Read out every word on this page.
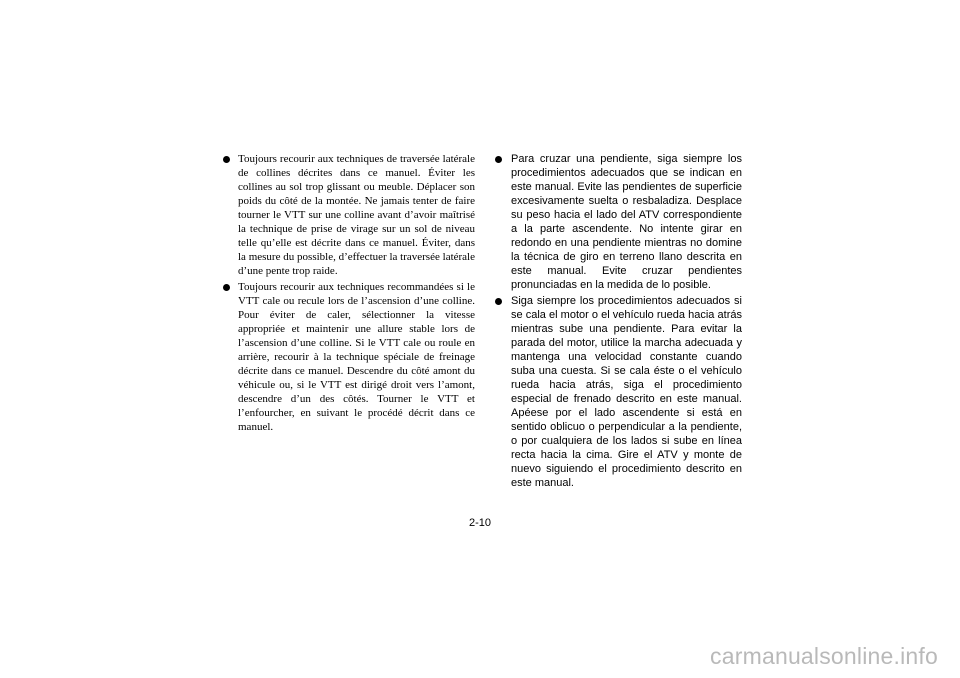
Toujours recourir aux techniques de traversée latérale de collines décrites dans ce manuel. Éviter les collines au sol trop glissant ou meuble. Déplacer son poids du côté de la montée. Ne jamais tenter de faire tourner le VTT sur une colline avant d’avoir maîtrisé la technique de prise de virage sur un sol de niveau telle qu’elle est décrite dans ce manuel. Éviter, dans la mesure du possible, d’effectuer la traversée latérale d’une pente trop raide.
Toujours recourir aux techniques recommandées si le VTT cale ou recule lors de l’ascension d’une colline. Pour éviter de caler, sélectionner la vitesse appropriée et maintenir une allure stable lors de l’ascension d’une colline. Si le VTT cale ou roule en arrière, recourir à la technique spéciale de freinage décrite dans ce manuel. Descendre du côté amont du véhicule ou, si le VTT est dirigé droit vers l’amont, descendre d’un des côtés. Tourner le VTT et l’enfourcher, en suivant le procédé décrit dans ce manuel.
Para cruzar una pendiente, siga siempre los procedimientos adecuados que se indican en este manual. Evite las pendientes de superficie excesivamente suelta o resbaladiza. Desplace su peso hacia el lado del ATV correspondiente a la parte ascendente. No intente girar en redondo en una pendiente mientras no domine la técnica de giro en terreno llano descrita en este manual. Evite cruzar pendientes pronunciadas en la medida de lo posible.
Siga siempre los procedimientos adecuados si se cala el motor o el vehículo rueda hacia atrás mientras sube una pendiente. Para evitar la parada del motor, utilice la marcha adecuada y mantenga una velocidad constante cuando suba una cuesta. Si se cala éste o el vehículo rueda hacia atrás, siga el procedimiento especial de frenado descrito en este manual. Apéese por el lado ascendente si está en sentido oblicuo o perpendicular a la pendiente, o por cualquiera de los lados si sube en línea recta hacia la cima. Gire el ATV y monte de nuevo siguiendo el procedimiento descrito en este manual.
2-10
carmanualsonline.info
